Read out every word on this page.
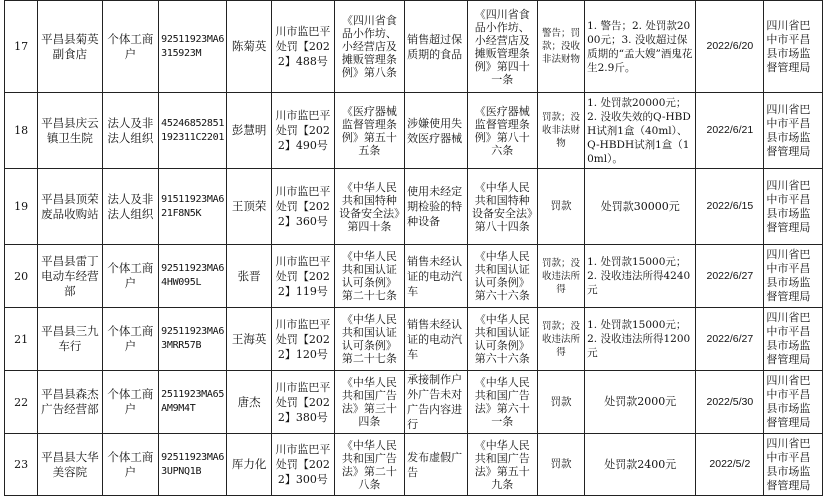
17	平昌县菊英副食店	个体工商户	92511923MA6315923M	陈菊英	川市监巴平处罚【2022】488号	《四川省食品小作坊、小经营店及摊贩管理条例》第八条	销售超过保质期的食品	《四川省食品小作坊、小经营店及摊贩管理条例》第四十一条	警告；罚款；没收非法财物	1. 警告；2. 处罚款2000元；3. 没收超过保质期的“孟大嫂”酒鬼花生2.9斤。	2022/6/20	四川省巴中市平昌县市场监督管理局
18	平昌县庆云镇卫生院	法人及非法人组织	452468528511923​11C2201	彭慧明	川市监巴平处罚【2022】490号	《医疗器械监督管理条例》第五十五条	涉嫌使用失效医疗器械	《医疗器械监督管理条例》第八十六条	罚款；没收非法财物	1. 处罚款20000元；2. 没收失效的Q-HBDH试剂1盒（40ml）、Q-HBDH试剂1盒（10ml）。	2022/6/21	四川省巴中市平昌县市场监督管理局
19	平昌县顶荣废品收购站	法人及非法人组织	91511923MA621F8N5K	王顶荣	川市监巴平处罚【2022】360号	《中华人民共和国特种设备安全法》第四十条	使用未经定期检验的特种设备	《中华人民共和国特种设备安全法》第八十四条	罚款	处罚款30000元	2022/6/15	四川省巴中市平昌县市场监督管理局
20	平昌县雷丁电动车经营部	个体工商户	92511923MA64HW095L	张晋	川市监巴平处罚【2022】119号	《中华人民共和国认证认可条例》第二十七条	销售未经认证的电动汽车	《中华人民共和国认证认可条例》第六十六条	罚款；没收违法所得	1. 处罚款15000元；2. 没收违法所得4240元	2022/6/27	四川省巴中市平昌县市场监督管理局
21	平昌县三九车行	个体工商户	92511923MA63MRR57B	王海英	川市监巴平处罚【2022】120号	《中华人民共和国认证认可条例》第二十七条	销售未经认证的电动汽车	《中华人民共和国认证认可条例》第六十六条	罚款；没收违法所得	1. 处罚款15000元；2. 没收违法所得1200元	2022/6/27	四川省巴中市平昌县市场监督管理局
22	平昌县森杰广告经营部	个体工商户	2511923MA65AM9M4T	唐杰	川市监巴平处罚【2022】380号	《中华人民共和国广告法》第三十四条	承接制作户外广告未对广告内容进行	《中华人民共和国广告法》第六十一条	罚款	处罚款2000元	2022/5/30	四川省巴中市平昌县市场监督管理局
23	平昌县大华美容院	个体工商户	92511923MA63UPNQ1B	厍力化	川市监巴平处罚【2022】300号	《中华人民共和国广告法》第二十八条	发布虚假广告	《中华人民共和国广告法》第五十九条	罚款	处罚款2400元	2022/5/2	四川省巴中市平昌县市场监督管理局
